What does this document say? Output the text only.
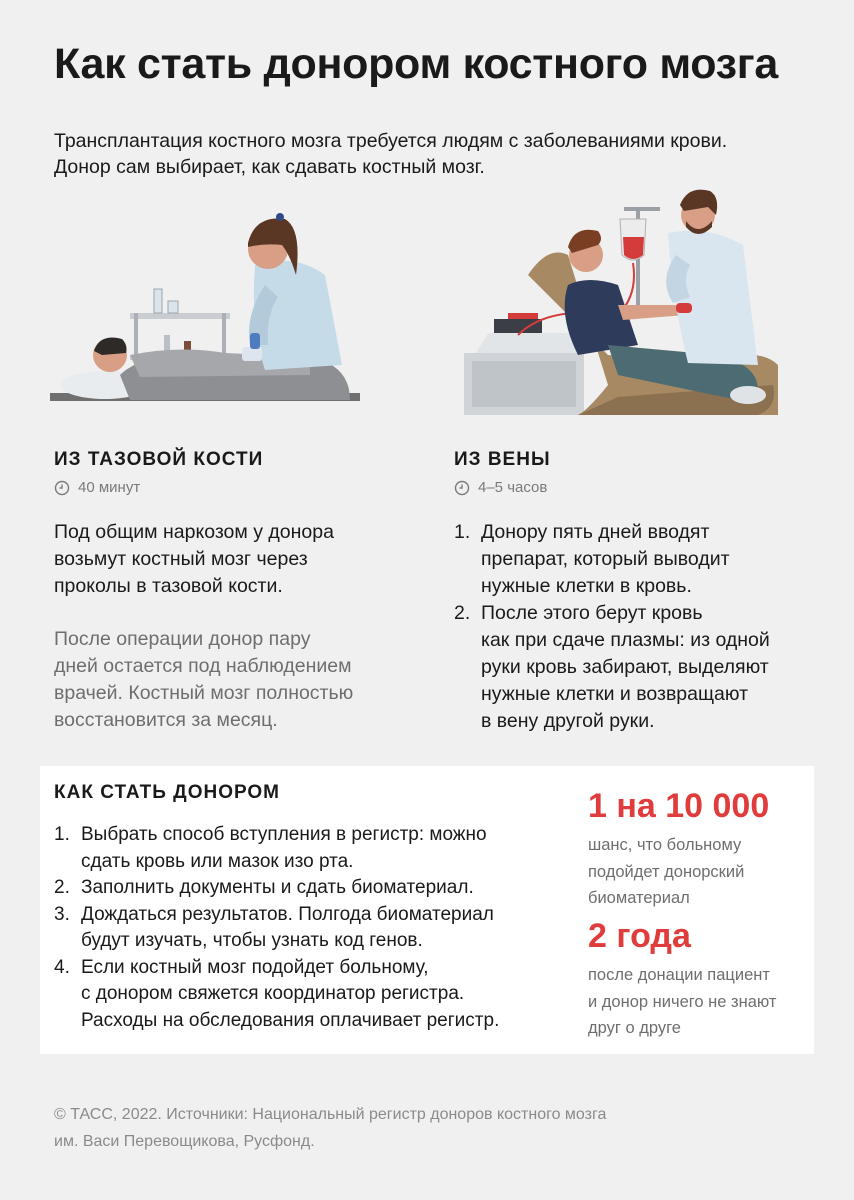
Как стать донором костного мозга
Трансплантация костного мозга требуется людям с заболеваниями крови.
Донор сам выбирает, как сдавать костный мозг.
ИЗ ТАЗОВОЙ КОСТИ
40 минут
Под общим наркозом у донора
возьмут костный мозг через
проколы в тазовой кости.
После операции донор пару
дней остается под наблюдением
врачей. Костный мозг полностью
восстановится за месяц.
ИЗ ВЕНЫ
4–5 часов
1. Донору пять дней вводят
препарат, который выводит
нужные клетки в кровь.
2. После этого берут кровь
как при сдаче плазмы: из одной
руки кровь забирают, выделяют
нужные клетки и возвращают
в вену другой руки.
КАК СТАТЬ ДОНОРОМ
1. Выбрать способ вступления в регистр: можно
сдать кровь или мазок изо рта.
2. Заполнить документы и сдать биоматериал.
3. Дождаться результатов. Полгода биоматериал
будут изучать, чтобы узнать код генов.
4. Если костный мозг подойдет больному,
с донором свяжется координатор регистра.
Расходы на обследования оплачивает регистр.
1 на 10 000
шанс, что больному
подойдет донорский
биоматериал
2 года
после донации пациент
и донор ничего не знают
друг о друге
© ТАСС, 2022. Источники: Национальный регистр доноров костного мозга
им. Васи Перевощикова, Русфонд.
